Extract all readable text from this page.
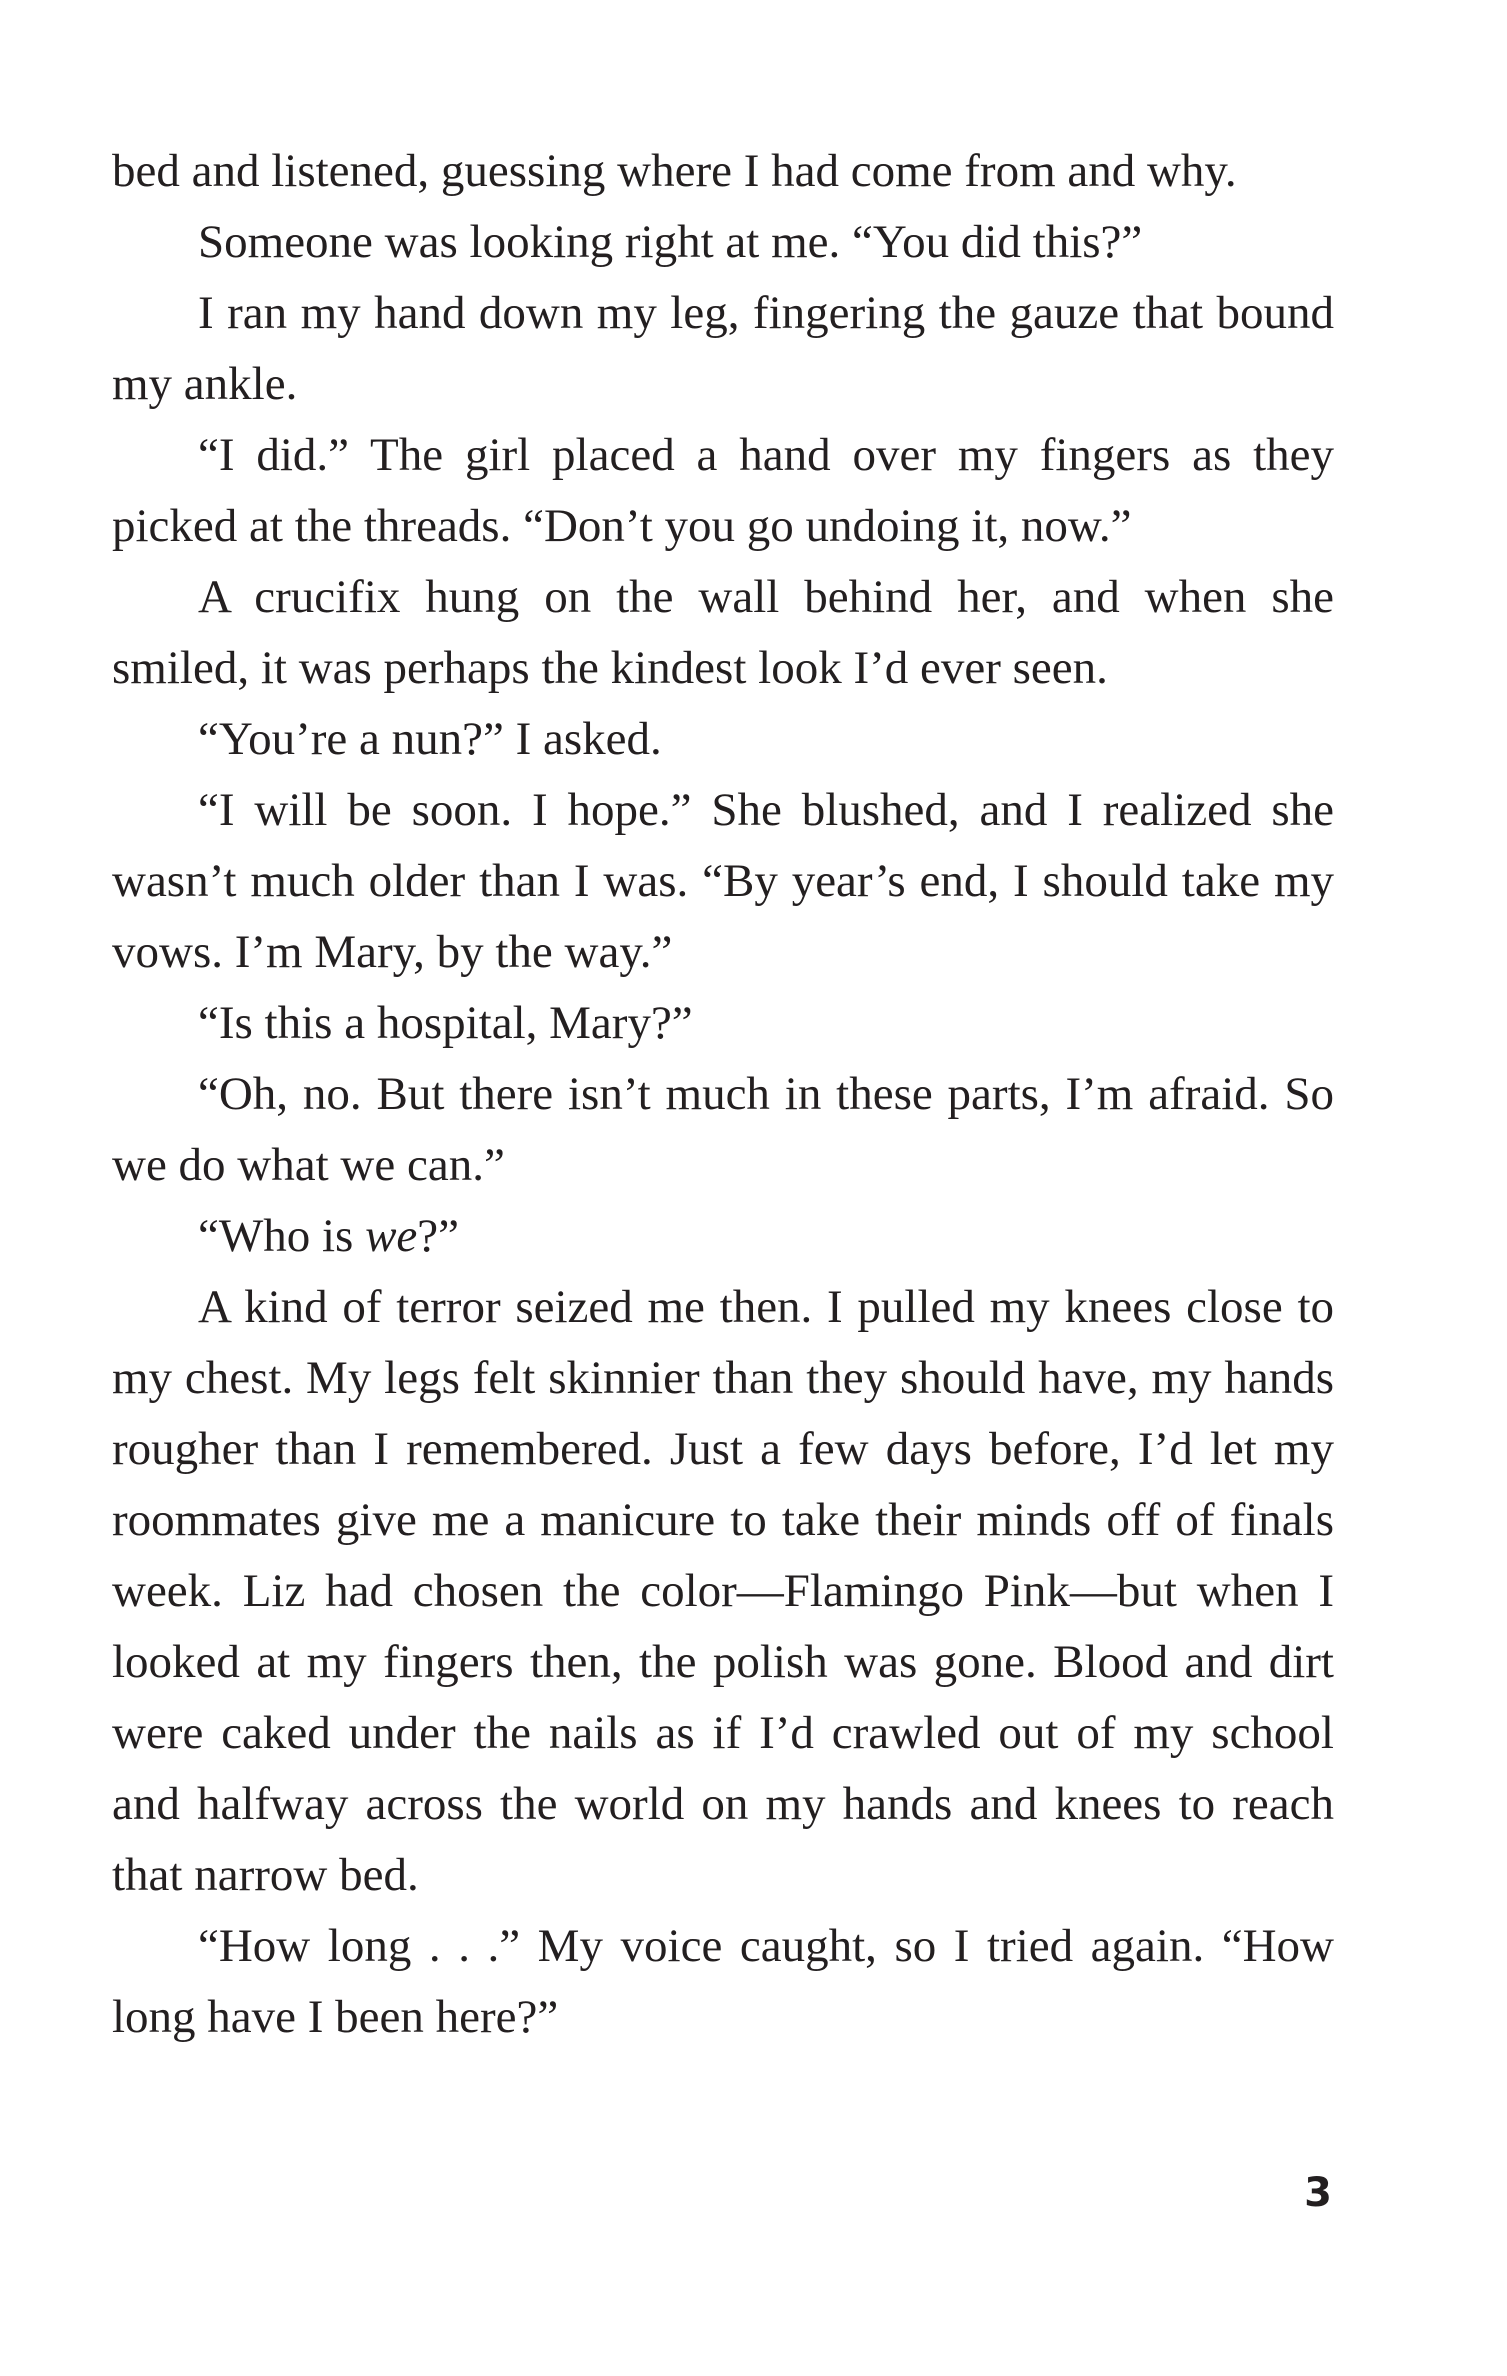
bed and listened, guessing where I had come from and why.

Someone was looking right at me. “You did this?”

I ran my hand down my leg, fingering the gauze that bound my ankle.

“I did.” The girl placed a hand over my fingers as they picked at the threads. “Don’t you go undoing it, now.”

A crucifix hung on the wall behind her, and when she smiled, it was perhaps the kindest look I’d ever seen.

“You’re a nun?” I asked.

“I will be soon. I hope.” She blushed, and I realized she wasn’t much older than I was. “By year’s end, I should take my vows. I’m Mary, by the way.”

“Is this a hospital, Mary?”

“Oh, no. But there isn’t much in these parts, I’m afraid. So we do what we can.”

“Who is we?”

A kind of terror seized me then. I pulled my knees close to my chest. My legs felt skinnier than they should have, my hands rougher than I remembered. Just a few days before, I’d let my roommates give me a manicure to take their minds off of finals week. Liz had chosen the color—Flamingo Pink—but when I looked at my fingers then, the polish was gone. Blood and dirt were caked under the nails as if I’d crawled out of my school and halfway across the world on my hands and knees to reach that narrow bed.

“How long . . .” My voice caught, so I tried again. “How long have I been here?”

3
